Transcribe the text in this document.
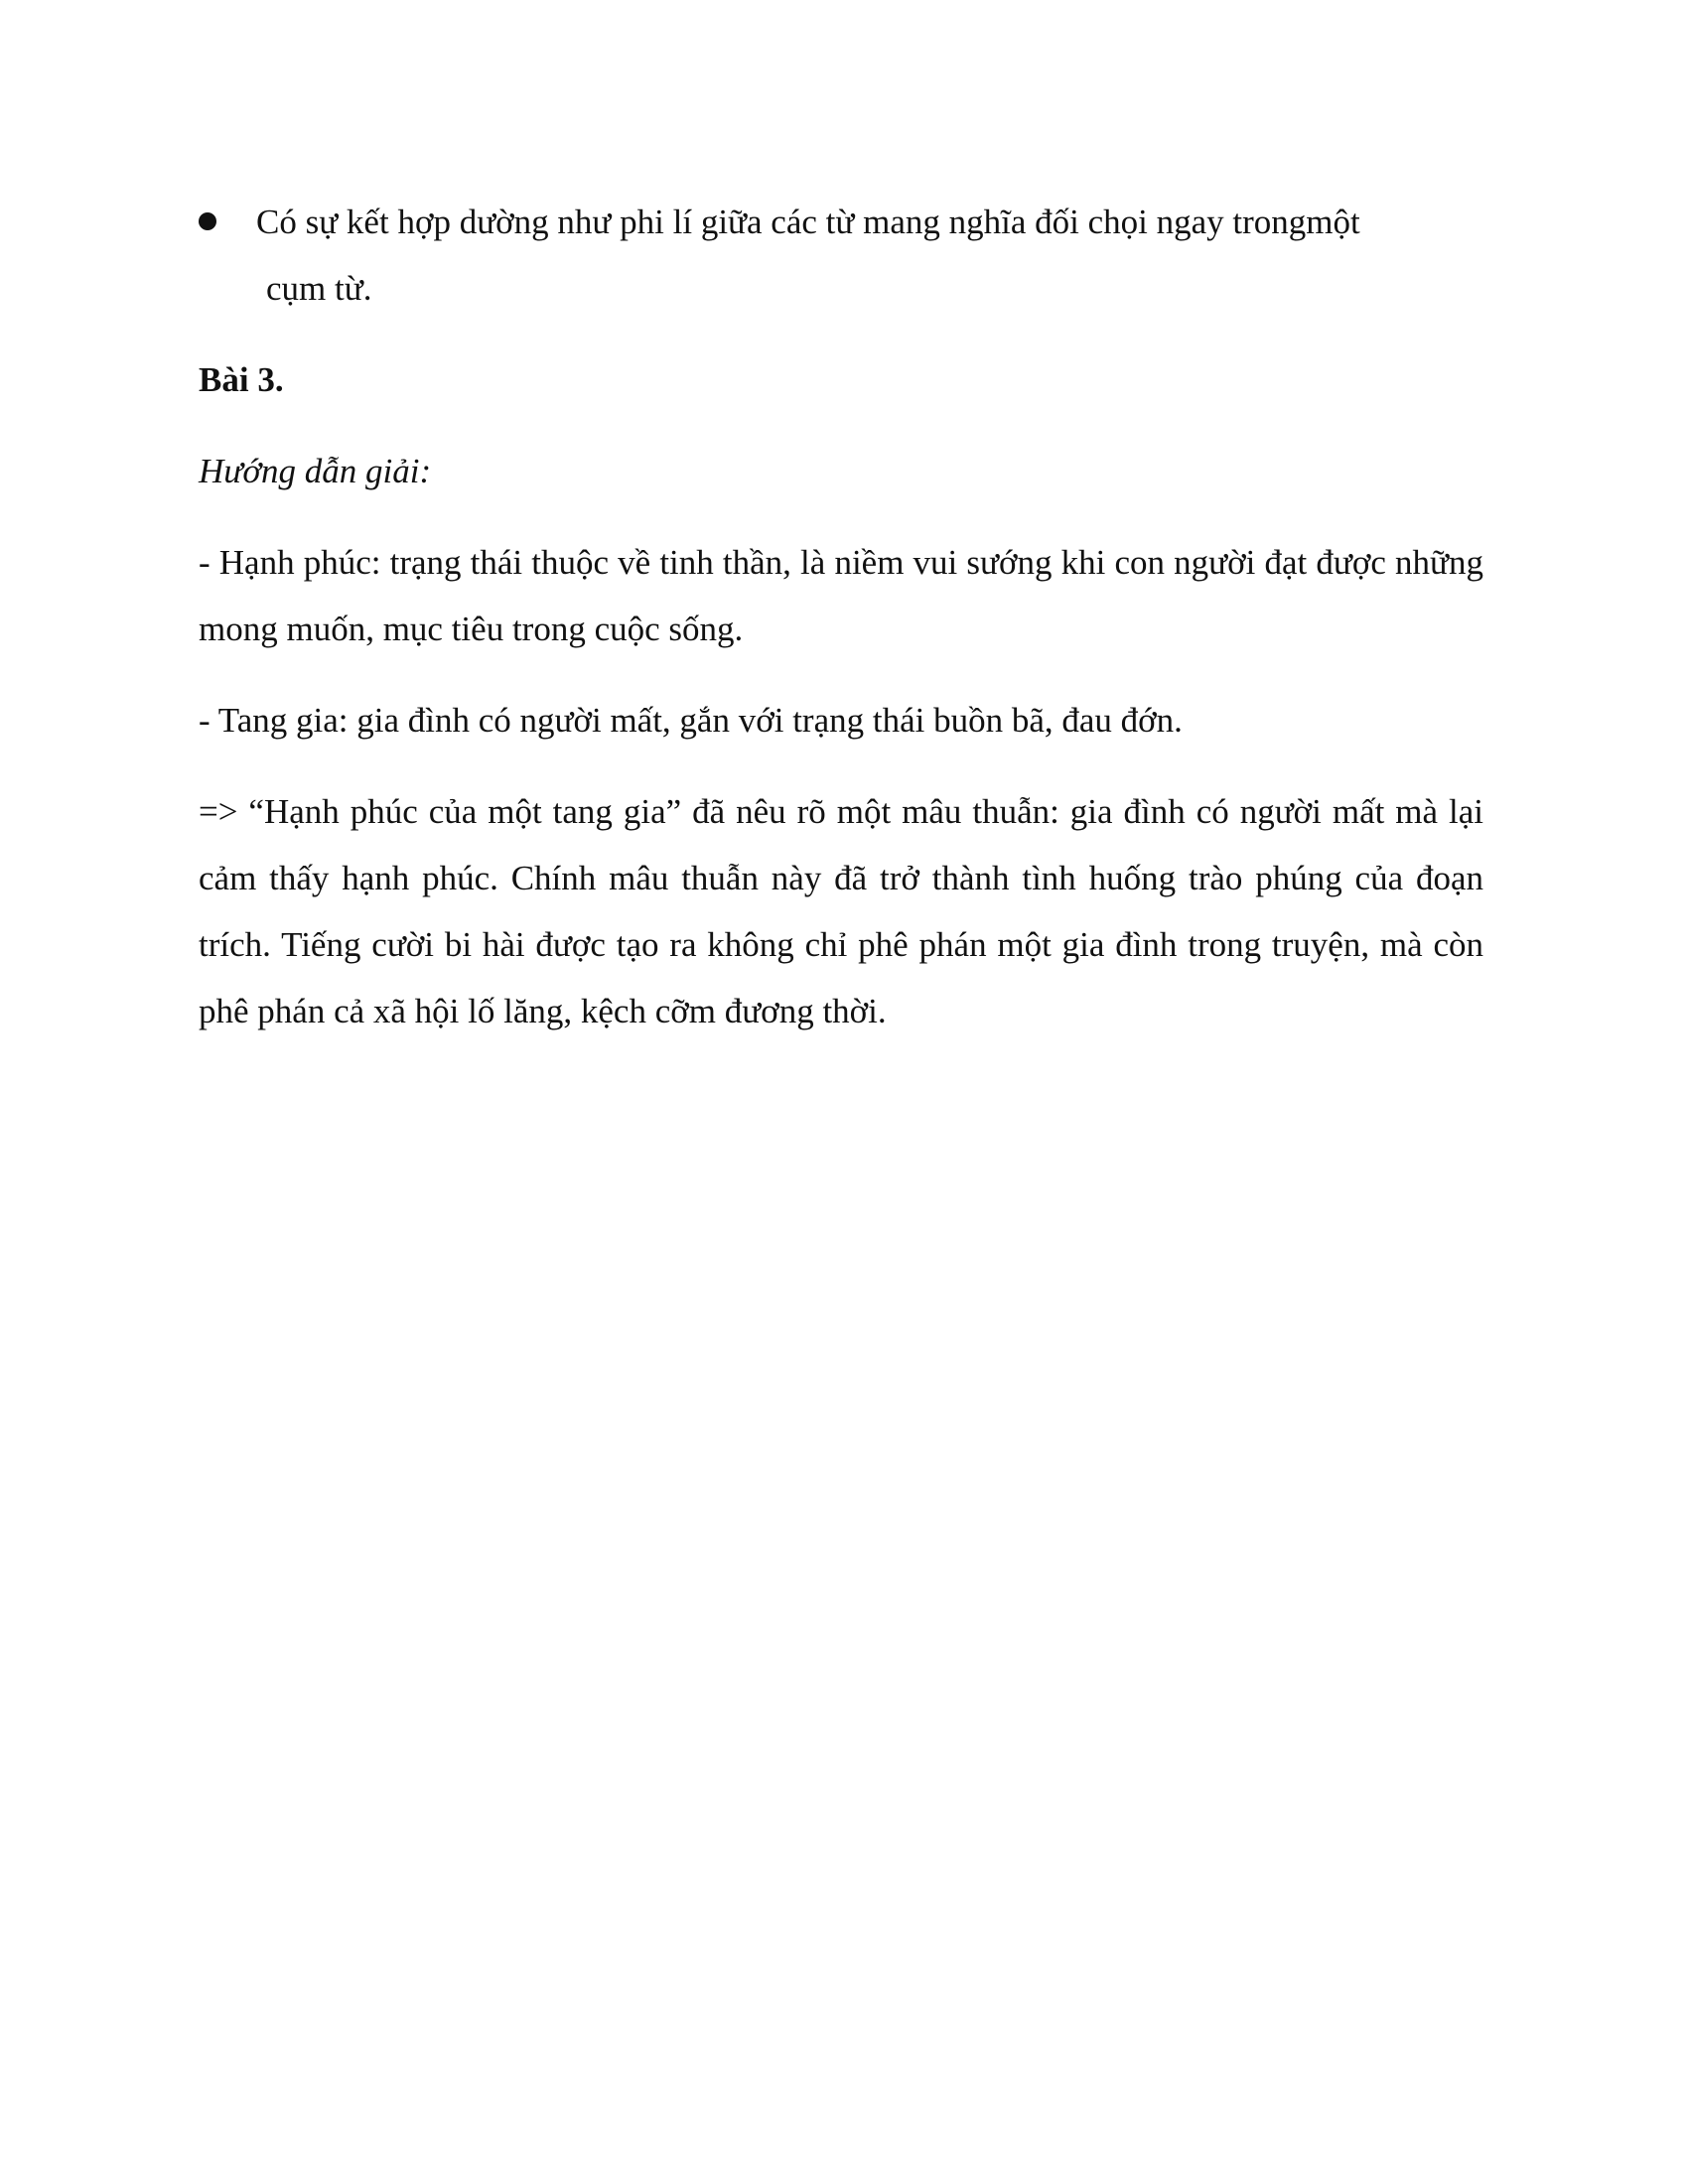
Có sự kết hợp dường như phi lí giữa các từ mang nghĩa đối chọi ngay trongmột
cụm từ.

Bài 3.

Hướng dẫn giải:

- Hạnh phúc: trạng thái thuộc về tinh thần, là niềm vui sướng khi con người đạt được những mong muốn, mục tiêu trong cuộc sống.

- Tang gia: gia đình có người mất, gắn với trạng thái buồn bã, đau đớn.

=> “Hạnh phúc của một tang gia” đã nêu rõ một mâu thuẫn: gia đình có người mất mà lại cảm thấy hạnh phúc. Chính mâu thuẫn này đã trở thành tình huống trào phúng của đoạn trích. Tiếng cười bi hài được tạo ra không chỉ phê phán một gia đình trong truyện, mà còn phê phán cả xã hội lố lăng, kệch cỡm đương thời.
